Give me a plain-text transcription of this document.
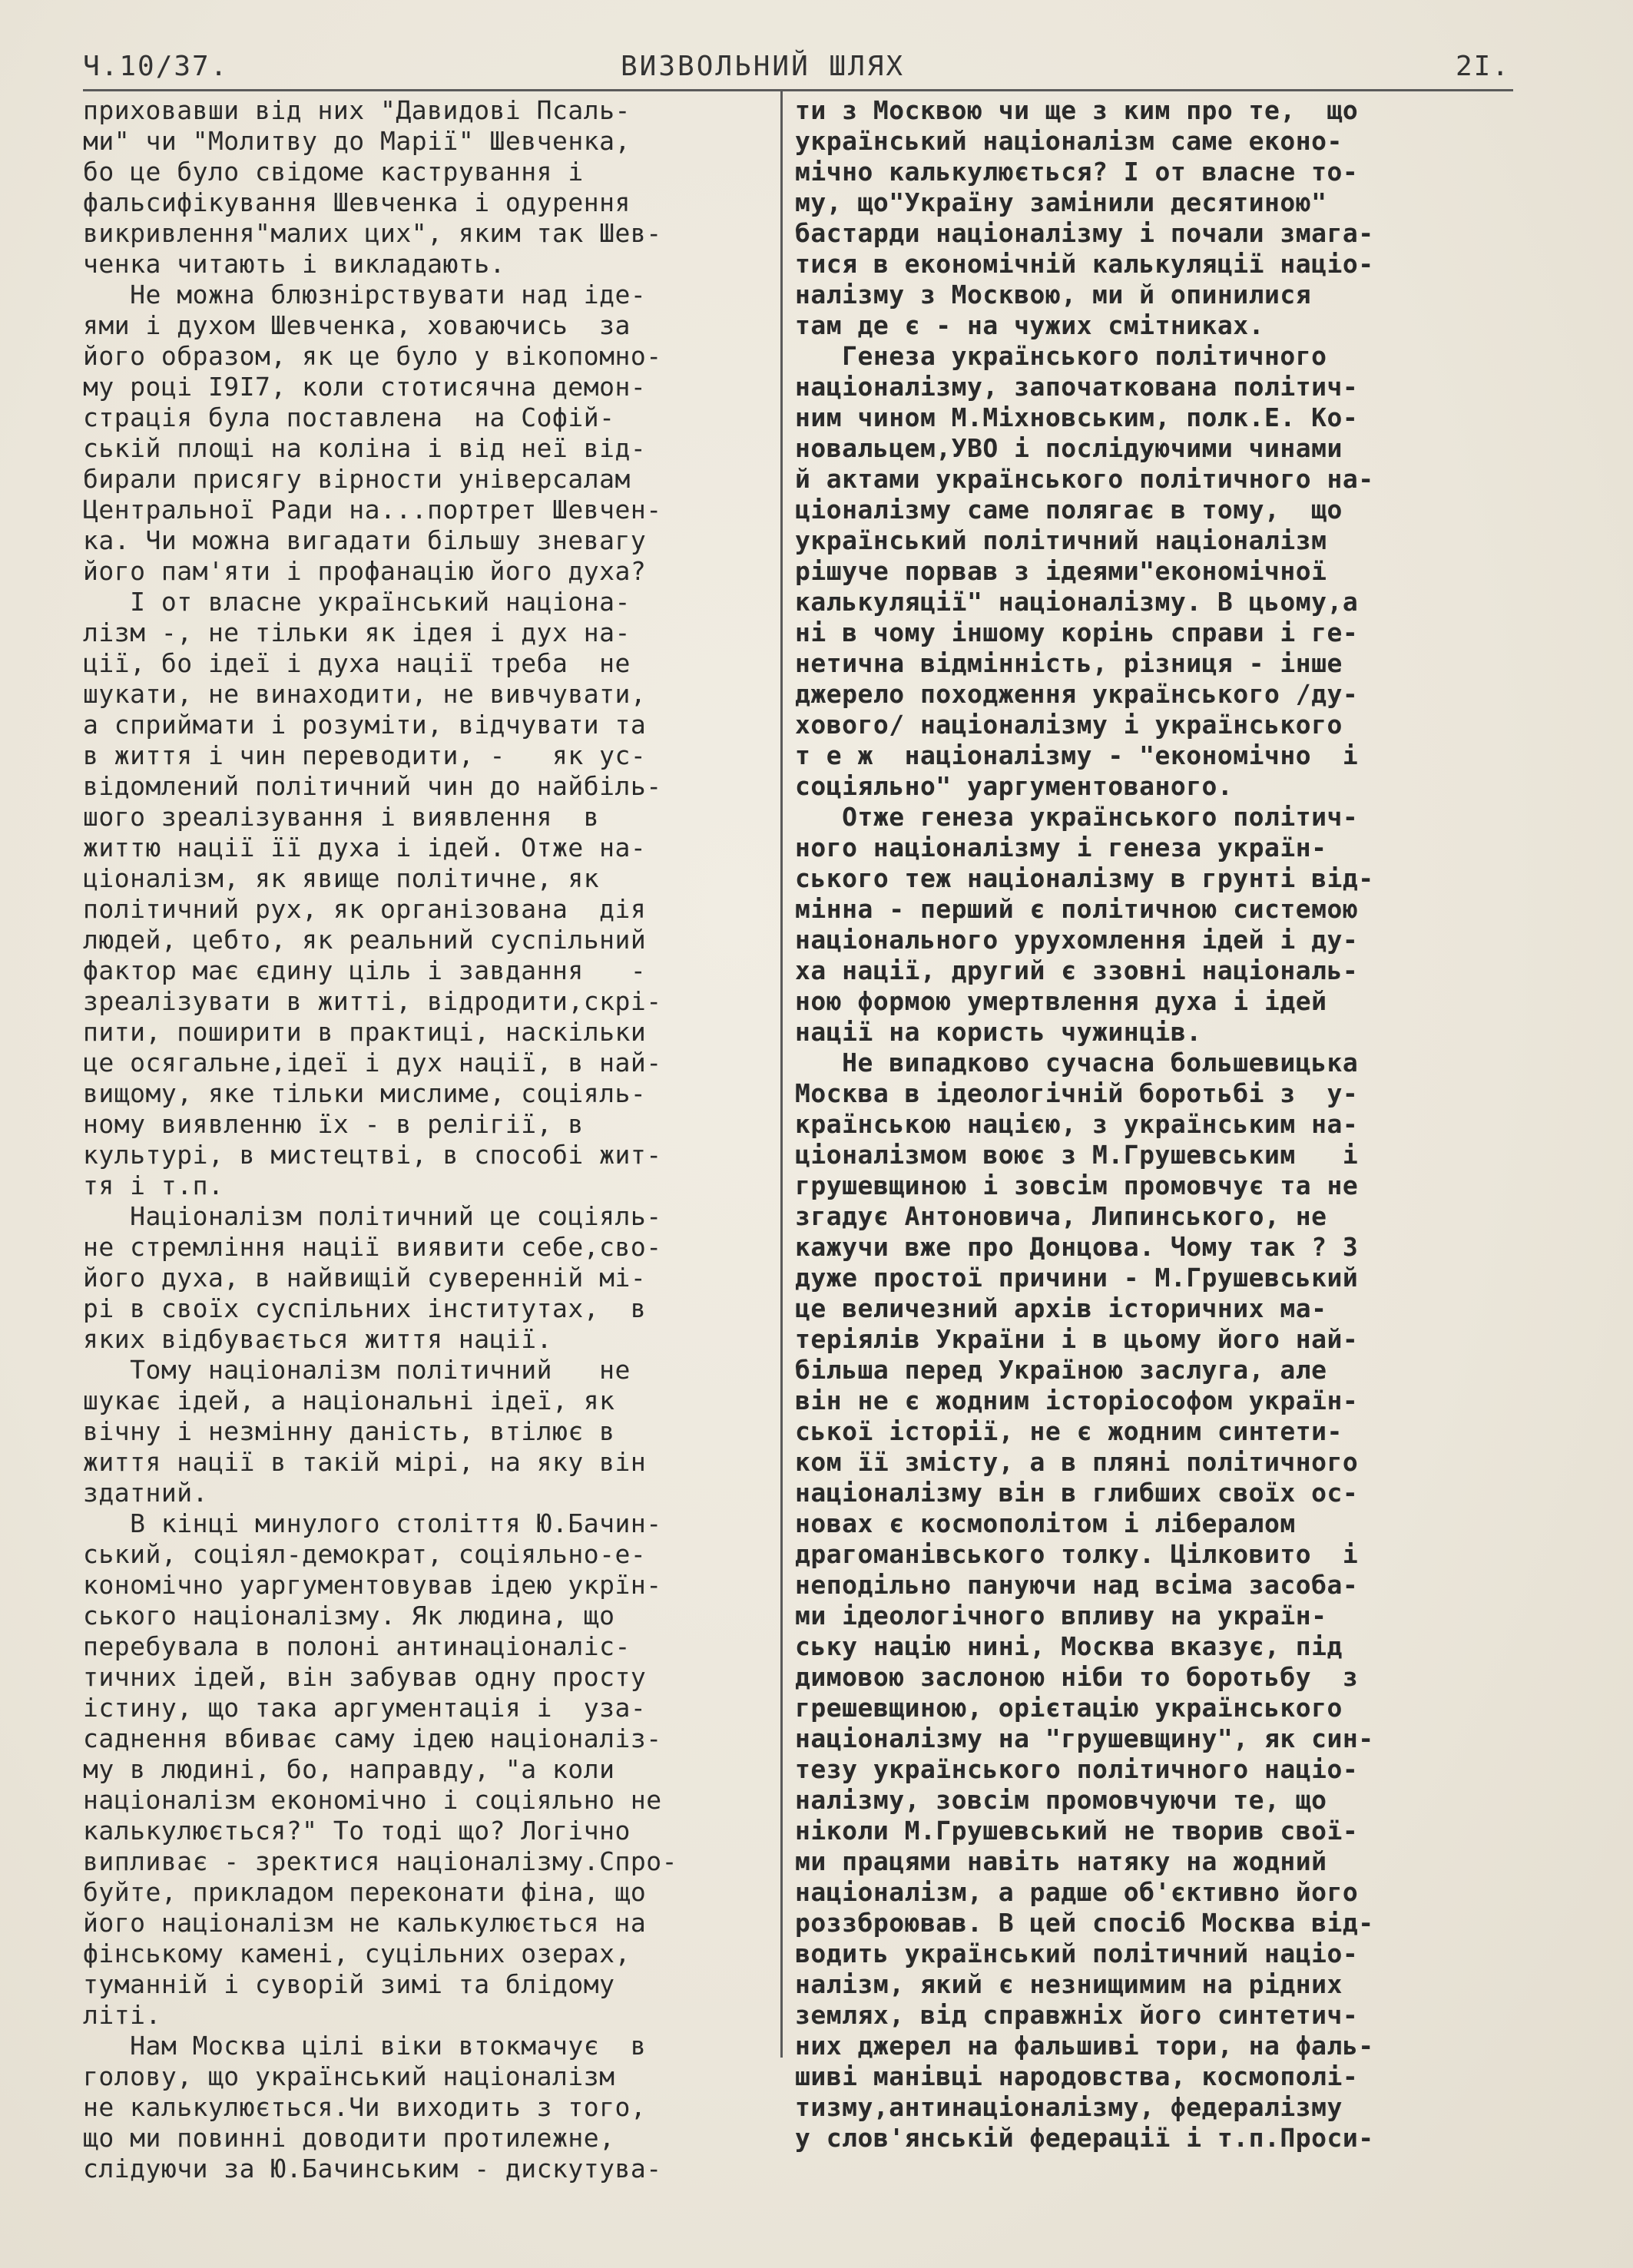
Ч.10/37.	ВИЗВОЛЬНИЙ ШЛЯХ	2I.
приховавши від них "Давидові Псаль-
ми" чи "Молитву до Марії" Шевченка,
бо це було свідоме кастрування і
фальсифікування Шевченка і одурення
викривлення"малих цих", яким так Шев-
ченка читають і викладають.
Не можна блюзнірствувати над іде-
ями і духом Шевченка, ховаючись  за
його образом, як це було у вікопомно-
му році I9I7, коли стотисячна демон-
страція була поставлена  на Софій-
ській площі на коліна і від неї від-
бирали присягу вірности універсалам
Центральної Ради на...портрет Шевчен-
ка. Чи можна вигадати більшу зневагу
його пам'яти і профанацію його духа?
I от власне український націона-
лізм -, не тільки як ідея і дух на-
ції, бо ідеї і духа нації треба  не
шукати, не винаходити, не вивчувати,
а сприймати і розуміти, відчувати та
в життя і чин переводити, -   як ус-
відомлений політичний чин до найбіль-
шого зреалізування і виявлення  в
життю нації її духа і ідей. Отже на-
ціоналізм, як явище політичне, як
політичний рух, як організована  дія
людей, цебто, як реальний суспільний
фактор має єдину ціль і завдання   -
зреалізувати в житті, відродити,скрі-
пити, поширити в практиці, наскільки
це осягальне,ідеї і дух нації, в най-
вищому, яке тільки мислиме, соціяль-
ному виявленню їх - в релігії, в
культурі, в мистецтві, в способі жит-
тя і т.п.
Націоналізм політичний це соціяль-
не стремління нації виявити себе,сво-
його духа, в найвищій суверенній мі-
рі в своїх суспільних інститутах,  в
яких відбувається життя нації.
Тому націоналізм політичний   не
шукає ідей, а національні ідеї, як
вічну і незмінну даність, втілює в
життя нації в такій мірі, на яку він
здатний.
В кінці минулого століття Ю.Бачин-
ський, соціял-демократ, соціяльно-е-
кономічно уаргументовував ідею укрїн-
ського націоналізму. Як людина, що
перебувала в полоні антинаціоналіс-
тичних ідей, він забував одну просту
істину, що така аргументація і  уза-
саднення вбиває саму ідею націоналіз-
му в людині, бо, направду, "а коли
націоналізм економічно і соціяльно не
калькулюється?" То тоді що? Логічно
випливає - зректися націоналізму.Спро-
буйте, прикладом переконати фіна, що
його націоналізм не калькулюється на
фінському камені, суцільних озерах,
туманній і суворій зимі та блідому
літі.
Нам Москва цілі віки втокмачує  в
голову, що український націоналізм
не калькулюється.Чи виходить з того,
що ми повинні доводити протилежне,
слідуючи за Ю.Бачинським - дискутува-
ти з Москвою чи ще з ким про те,  що
український націоналізм саме еконо-
мічно калькулюється? I от власне то-
му, що"Україну замінили десятиною"
бастарди націоналізму і почали змага-
тися в економічній калькуляції націо-
налізму з Москвою, ми й опинилися
там де є - на чужих смітниках.
Генеза українського політичного
націоналізму, започаткована політич-
ним чином М.Міхновським, полк.Е. Ко-
новальцем,УВО і послідуючими чинами
й актами українського політичного на-
ціоналізму саме полягає в тому,  що
український політичний націоналізм
рішуче порвав з ідеями"економічної
калькуляції" націоналізму. В цьому,а
ні в чому іншому корінь справи і ге-
нетична відмінність, різниця - інше
джерело походження українського /ду-
хового/ націоналізму і українського
т е ж  націоналізму - "економічно  і
соціяльно" уаргументованого.
Отже генеза українського політич-
ного націоналізму і генеза україн-
ського теж націоналізму в грунті від-
мінна - перший є політичною системою
національного урухомлення ідей і ду-
ха нації, другий є ззовні національ-
ною формою умертвлення духа і ідей
нації на користь чужинців.
Не випадково сучасна большевицька
Москва в ідеологічній боротьбі з  у-
країнською нацією, з українським на-
ціоналізмом воює з М.Грушевським   і
грушевщиною і зовсім промовчує та не
згадує Антоновича, Липинського, не
кажучи вже про Донцова. Чому так ? З
дуже простої причини - М.Грушевський
це величезний архів історичних ма-
теріялів України і в цьому його най-
більша перед Україною заслуга, але
він не є жодним історіософом україн-
ської історії, не є жодним синтети-
ком її змісту, а в пляні політичного
націоналізму він в глибших своїх ос-
новах є космополітом і лібералом
драгоманівського толку. Цілковито  і
неподільно пануючи над всіма засоба-
ми ідеологічного впливу на україн-
ську націю нині, Москва вказує, під
димовою заслоною ніби то боротьбу  з
грешевщиною, орієтацію українського
націоналізму на "грушевщину", як син-
тезу українського політичного націо-
налізму, зовсім промовчуючи те, що
ніколи М.Грушевський не творив свої-
ми працями навіть натяку на жодний
націоналізм, а радше об'єктивно його
роззброював. В цей спосіб Москва від-
водить український політичний націо-
налізм, який є незнищимим на рідних
землях, від справжніх його синтетич-
них джерел на фальшиві тори, на фаль-
шиві манівці народовства, космополі-
тизму,антинаціоналізму, федералізму
у слов'янській федерації і т.п.Проси-
